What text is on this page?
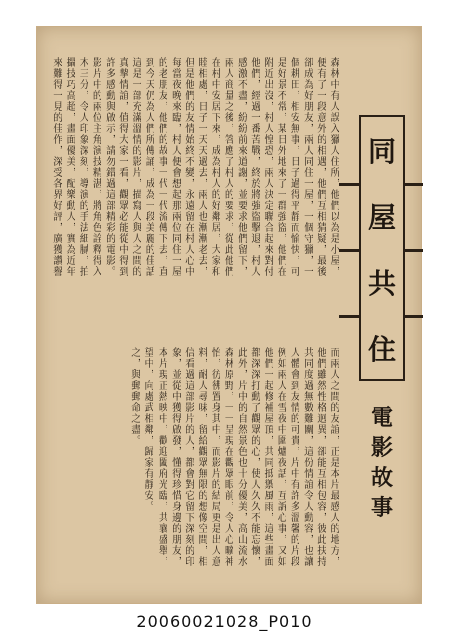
同
屋
共
住
電
影
故
事
森林中有人誤入獵人住所，他們以為是小屋，
便有了一段意外的相遇，他們互相猜疑，最後
卻成為好朋友，兩人同住一屋，一個守獵，一
個耕田，相安無事，日子過得平靜而愉快，可
是好景不常，某日外地來了一群強盜，他們在
附近出沒，村人惶恐，兩人決定聯合起來對付
他們，經過一番苦戰，終於將強盜擊退，村人
感激不盡，紛紛前來道謝，並要求他們留下，
兩人商量之後，答應了村人的要求，從此他們
在村中安居下來，成為村人的好鄰居，大家和
睦相處，日子一天天過去，兩人也漸漸老去，
但是他們的友情始終不變，永遠留在村人心中
每當夜晚來臨，村人便會想起那兩位同住一屋
的老朋友，他們的故事一代一代流傳下去，直
到今天仍為人們所傳誦，成為一段美麗的佳話
這是一部充滿溫情的影片，描寫人與人之間的
真摯情誼，值得大家一看，觀眾必能從中得到
許多感動與啟示，請勿錯過這部精彩的電影。
影片中的兩位主角演技精湛，將角色詮釋得入
木三分，令人印象深刻，導演的手法細膩，拍
攝技巧高超，畫面優美，配樂動人，實為近年
來難得一見的佳作，深受各界好評，廣獲讚譽
而兩人之間的友誼，正是本片最感人的地方，
他們雖然性格迥異，卻能互相包容，彼此扶持
共同度過無數難關，這份情誼令人動容，也讓
人體會到友情的可貴，片中有許多溫馨的片段
例如兩人在雪夜中圍爐夜話，互訴心事，又如
他們一起修補屋頂，共同抵禦風雨，這些畫面
都深深打動了觀眾的心，使人久久不能忘懷，
此外，片中的自然景色也十分優美，高山流水
森林原野，一一呈現在觀眾眼前，令人心曠神
怡，彷彿置身其中，而影片的結局更是出人意
料，耐人尋味，留給觀眾無限的想像空間，相
信看過這部影片的人，都會對它留下深刻的印
象，並從中獲得啟發，懂得珍惜身邊的朋友，
本片現正熱映中，歡迎闔府光臨，共襄盛舉，
望中，向處武相鄰，歸家有靜安。
之，與郵郵命之盡。
20060021028_P010
